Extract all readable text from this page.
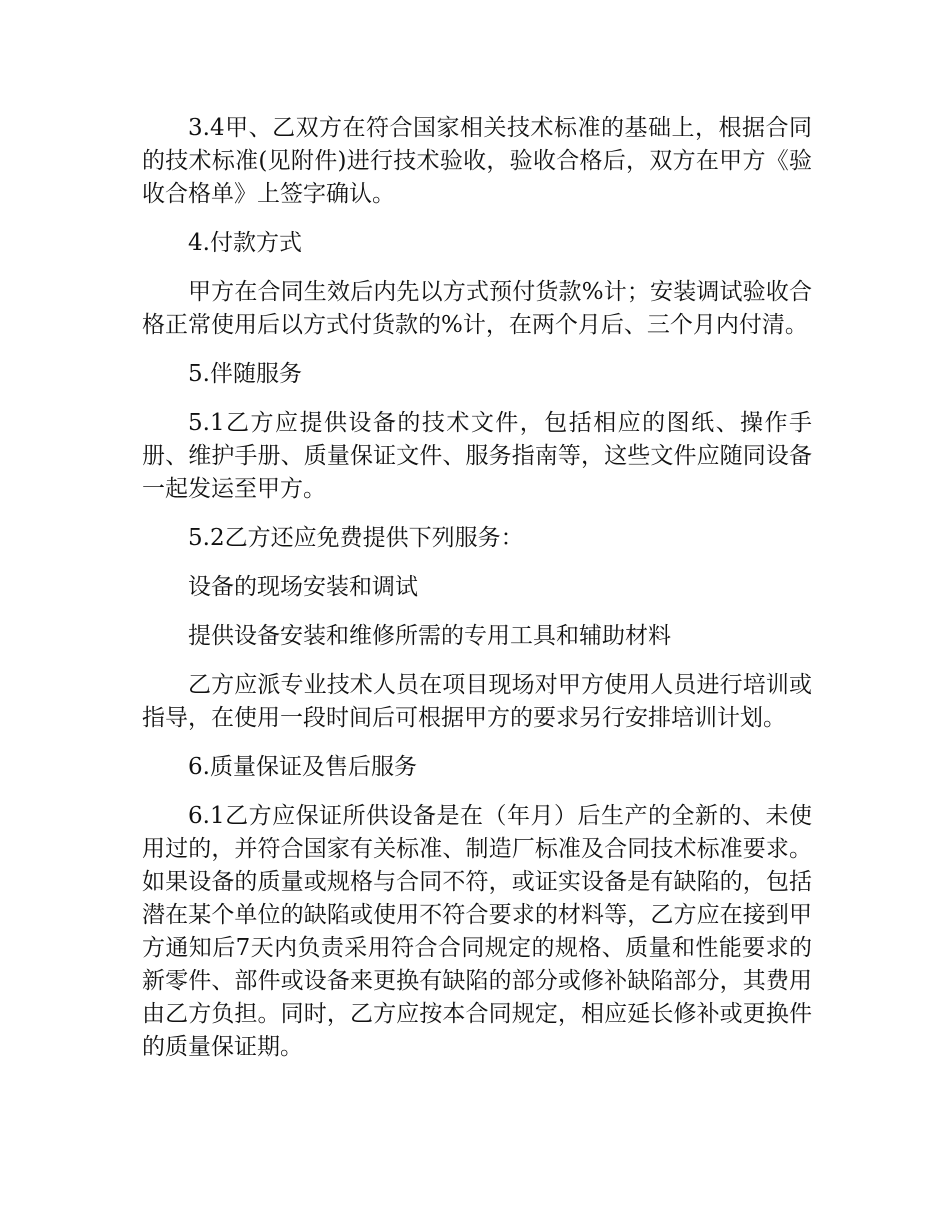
3.4甲、乙双方在符合国家相关技术标准的基础上，根据合同的技术标准(见附件)进行技术验收，验收合格后，双方在甲方《验收合格单》上签字确认。

4.付款方式

甲方在合同生效后内先以方式预付货款%计；安装调试验收合格正常使用后以方式付货款的%计，在两个月后、三个月内付清。

5.伴随服务

5.1乙方应提供设备的技术文件，包括相应的图纸、操作手册、维护手册、质量保证文件、服务指南等，这些文件应随同设备一起发运至甲方。

5.2乙方还应免费提供下列服务：

设备的现场安装和调试

提供设备安装和维修所需的专用工具和辅助材料

乙方应派专业技术人员在项目现场对甲方使用人员进行培训或指导，在使用一段时间后可根据甲方的要求另行安排培训计划。

6.质量保证及售后服务

6.1乙方应保证所供设备是在（年月）后生产的全新的、未使用过的，并符合国家有关标准、制造厂标准及合同技术标准要求。如果设备的质量或规格与合同不符，或证实设备是有缺陷的，包括潜在某个单位的缺陷或使用不符合要求的材料等，乙方应在接到甲方通知后7天内负责采用符合合同规定的规格、质量和性能要求的新零件、部件或设备来更换有缺陷的部分或修补缺陷部分，其费用由乙方负担。同时，乙方应按本合同规定，相应延长修补或更换件的质量保证期。
